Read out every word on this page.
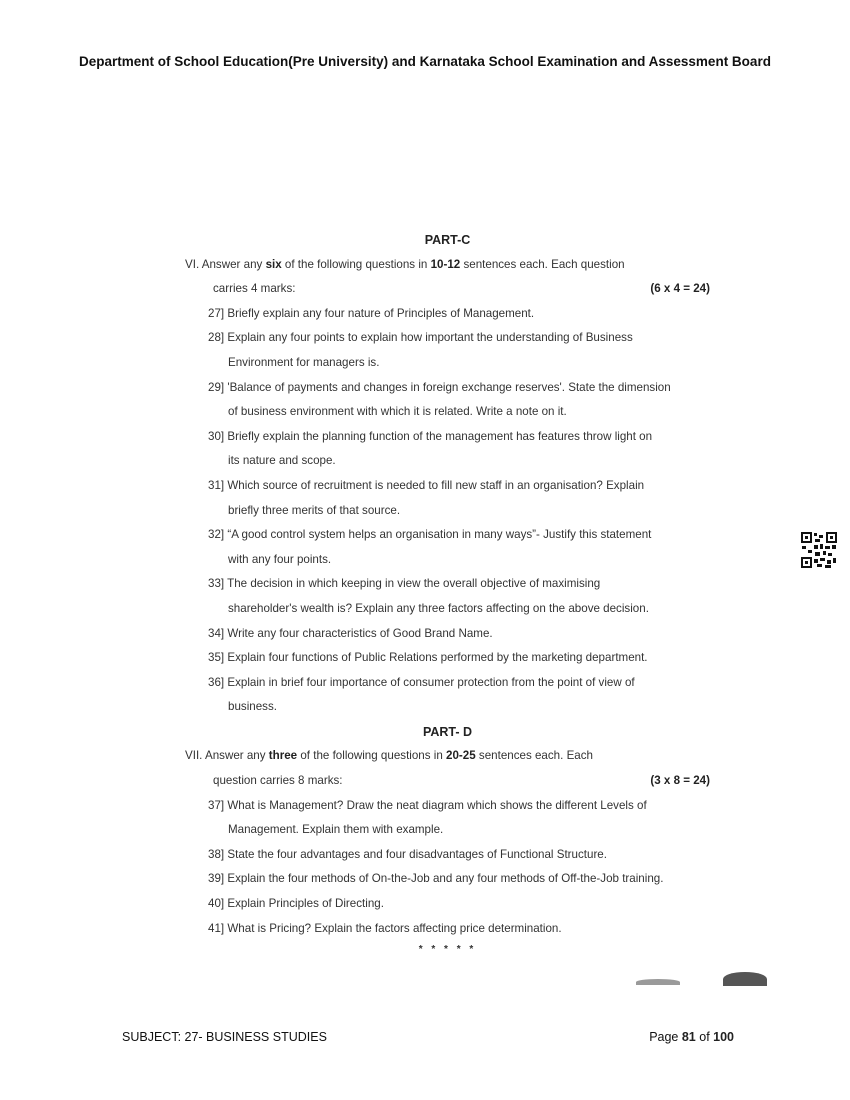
Department of School Education(Pre University) and Karnataka School Examination and Assessment Board
PART-C
VI. Answer any six of the following questions in 10-12 sentences each. Each question
carries 4 marks:	(6 x 4 = 24)
27] Briefly explain any four nature of Principles of Management.
28] Explain any four points to explain how important the understanding of Business
Environment for managers is.
29] 'Balance of payments and changes in foreign exchange reserves'. State the dimension
of business environment with which it is related. Write a note on it.
30] Briefly explain the planning function of the management has features throw light on
its nature and scope.
31] Which source of recruitment is needed to fill new staff in an organisation? Explain
briefly three merits of that source.
32] “A good control system helps an organisation in many ways”- Justify this statement
with any four points.
33] The decision in which keeping in view the overall objective of maximising
shareholder's wealth is? Explain any three factors affecting on the above decision.
34] Write any four characteristics of Good Brand Name.
35] Explain four functions of Public Relations performed by the marketing department.
36] Explain in brief four importance of consumer protection from the point of view of
business.
PART- D
VII. Answer any three of the following questions in 20-25 sentences each. Each
question carries 8 marks:	(3 x 8 = 24)
37] What is Management? Draw the neat diagram which shows the different Levels of
Management. Explain them with example.
38] State the four advantages and four disadvantages of Functional Structure.
39] Explain the four methods of On-the-Job and any four methods of Off-the-Job training.
40] Explain Principles of Directing.
41] What is Pricing? Explain the factors affecting price determination.
* * * * *
SUBJECT: 27- BUSINESS STUDIES	Page 81 of 100
